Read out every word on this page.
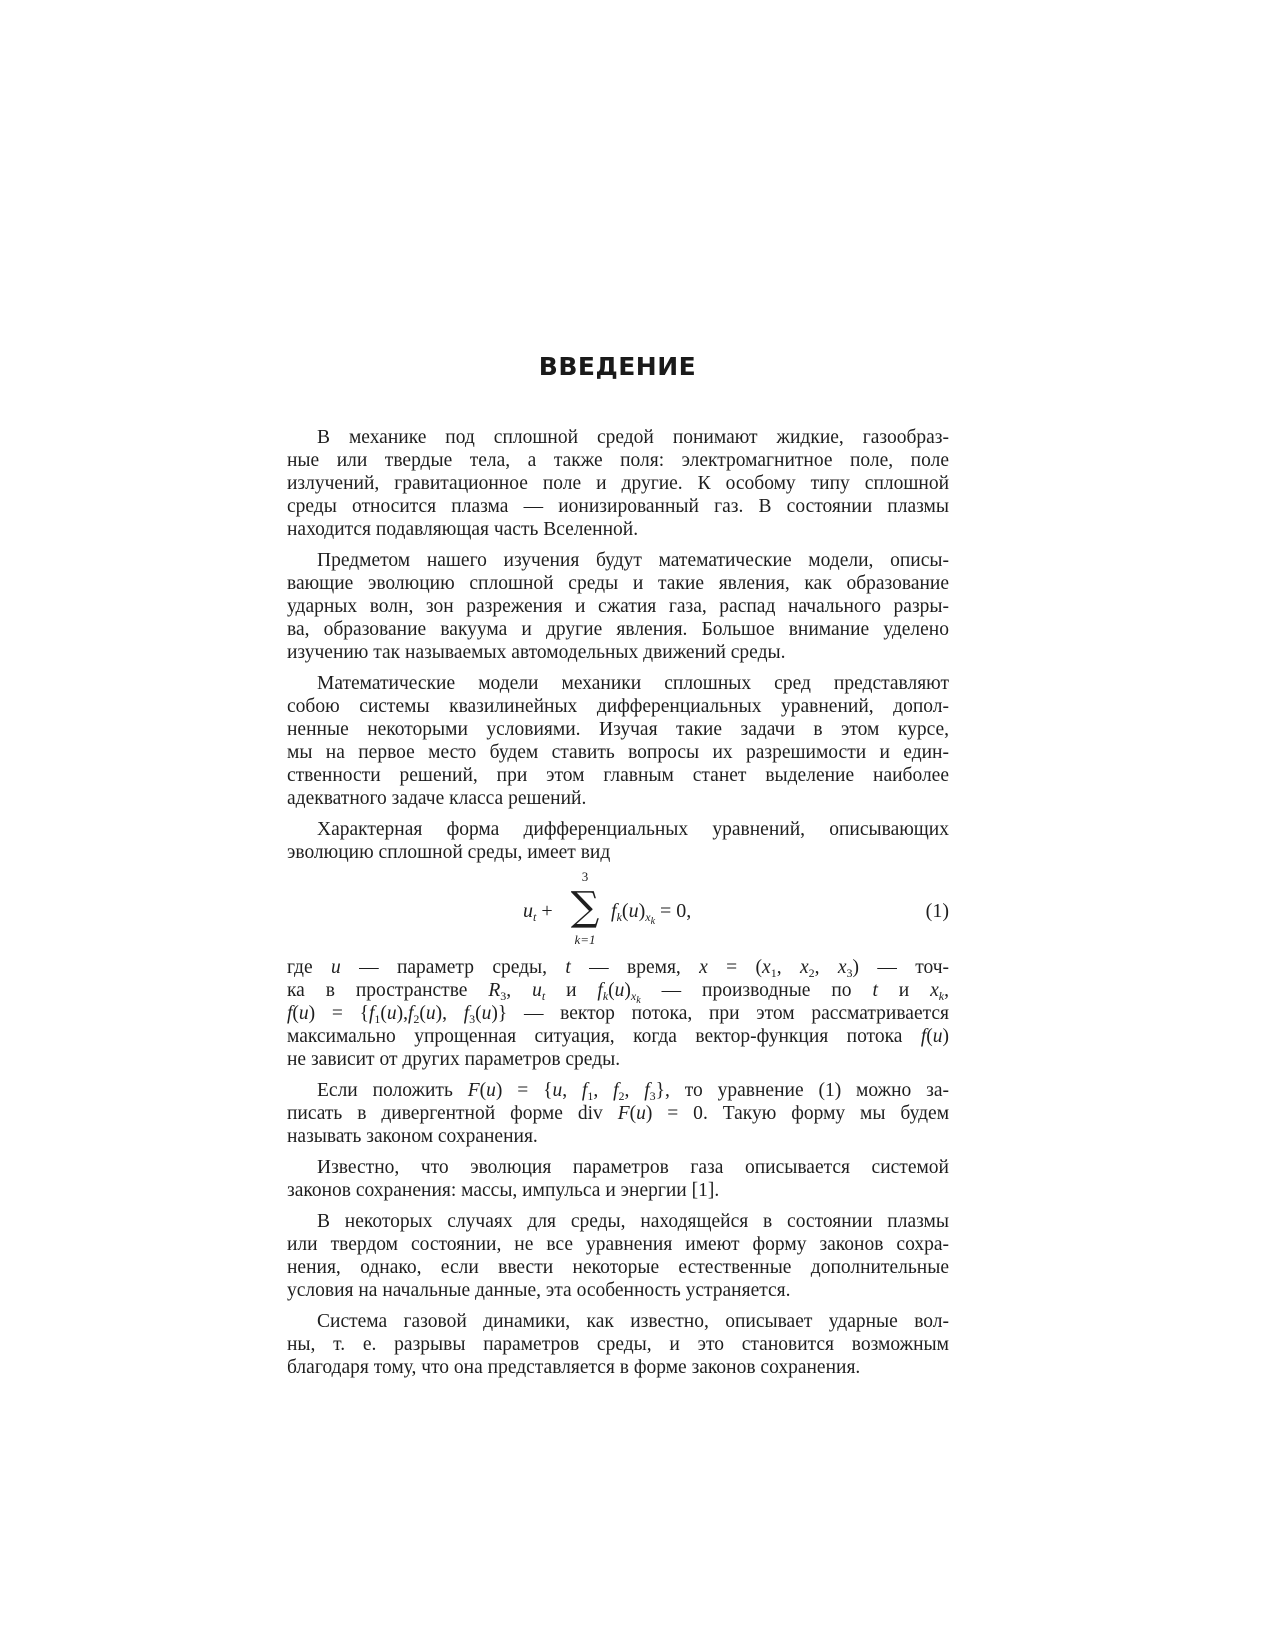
ВВЕДЕНИЕ
В механике под сплошной средой понимают жидкие, газообраз-
ные или твердые тела, а также поля: электромагнитное поле, поле
излучений, гравитационное поле и другие. К особому типу сплошной
среды относится плазма — ионизированный газ. В состоянии плазмы
находится подавляющая часть Вселенной.
Предметом нашего изучения будут математические модели, описы-
вающие эволюцию сплошной среды и такие явления, как образование
ударных волн, зон разрежения и сжатия газа, распад начального разры-
ва, образование вакуума и другие явления. Большое внимание уделено
изучению так называемых автомодельных движений среды.
Математические модели механики сплошных сред представляют
собою системы квазилинейных дифференциальных уравнений, допол-
ненные некоторыми условиями. Изучая такие задачи в этом курсе,
мы на первое место будем ставить вопросы их разрешимости и един-
ственности решений, при этом главным станет выделение наиболее
адекватного задаче класса решений.
Характерная форма дифференциальных уравнений, описывающих
эволюцию сплошной среды, имеет вид
$u_t$ +
3
∑
k=1
$f_k(u)_{x_k} = 0$,	(1)
где u — параметр среды, t — время, $x = (x_1$, $x_2$, $x_3$) — точ-
ка в пространстве $R_3$, $u_t$ и $f_k(u)_{x_k}$ — производные по t и $x_k$,
$f(u) = \{f_1(u),f_2(u)$, $f_3(u)$} — вектор потока, при этом рассматривается
максимально упрощенная ситуация, когда вектор-функция потока f(u)
не зависит от других параметров среды.
Если положить F(u) = {u, $f_1$, $f_2$, $f_3$}, то уравнение (1) можно за-
писать в дивергентной форме div F(u) = 0. Такую форму мы будем
называть законом сохранения.
Известно, что эволюция параметров газа описывается системой
законов сохранения: массы, импульса и энергии [1].
В некоторых случаях для среды, находящейся в состоянии плазмы
или твердом состоянии, не все уравнения имеют форму законов сохра-
нения, однако, если ввести некоторые естественные дополнительные
условия на начальные данные, эта особенность устраняется.
Система газовой динамики, как известно, описывает ударные вол-
ны, т. е. разрывы параметров среды, и это становится возможным
благодаря тому, что она представляется в форме законов сохранения.
